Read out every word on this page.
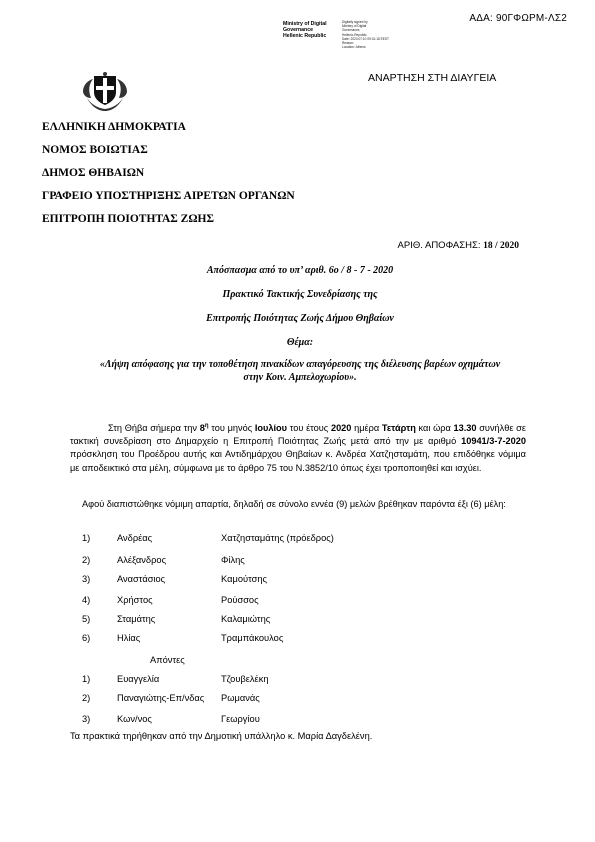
ΑΔΑ: 90ΓΦΩΡΜ-ΛΣ2
Ministry of Digital
Governance
Hellenic Republic
Digitally signed by
Ministry of Digital
Governance,
Hellenic Republic
Date: 2020.07.10 09:31:18 EEST
Reason:
Location: Athens
ΑΝΑΡΤΗΣΗ ΣΤΗ ΔΙΑΥΓΕΙΑ
ΕΛΛΗΝΙΚΗ ΔΗΜΟΚΡΑΤΙΑ
ΝΟΜΟΣ ΒΟΙΩΤΙΑΣ
ΔΗΜΟΣ ΘΗΒΑΙΩΝ
ΓΡΑΦΕΙΟ ΥΠΟΣΤΗΡΙΞΗΣ ΑΙΡΕΤΩΝ ΟΡΓΑΝΩΝ
ΕΠΙΤΡΟΠΗ ΠΟΙΟΤΗΤΑΣ ΖΩΗΣ
ΑΡΙΘ. ΑΠΟΦΑΣΗΣ: 18 / 2020
Απόσπασμα από το υπ’ αριθ. 6ο / 8 - 7 - 2020
Πρακτικό Τακτικής Συνεδρίασης της
Επιτροπής Ποιότητας Ζωής Δήμου Θηβαίων
Θέμα:
«Λήψη απόφασης για την τοποθέτηση πινακίδων απαγόρευσης της διέλευσης βαρέων οχημάτων
στην Κοιν. Αμπελοχωρίου».
Στη Θήβα σήμερα την $8^\eta$ του μηνός Ιουλίου του έτους 2020 ημέρα Τετάρτη και ώρα 13.30 συνήλθε σε τακτική συνεδρίαση στο Δημαρχείο η Επιτροπή Ποιότητας Ζωής μετά από την με αριθμό 10941/3-7-2020 πρόσκληση του Προέδρου αυτής και Αντιδημάρχου Θηβαίων κ. Ανδρέα Χατζησταμάτη, που επιδόθηκε νόμιμα με αποδεικτικό στα μέλη, σύμφωνα με το άρθρο 75 του Ν.3852/10 όπως έχει τροποποιηθεί και ισχύει.
Αφού διαπιστώθηκε νόμιμη απαρτία, δηλαδή σε σύνολο εννέα (9) μελών βρέθηκαν παρόντα έξι (6) μέλη:
1)	Ανδρέας	Χατζησταμάτης (πρόεδρος)
2)	Αλέξανδρος	Φίλης
3)	Αναστάσιος	Καμούτσης
4)	Χρήστος	Ρούσσος
5)	Σταμάτης	Καλαμιώτης
6)	Ηλίας	Τραμπάκουλος
Απόντες
1)	Ευαγγελία	Τζουβελέκη
2)	Παναγιώτης-Επ/νδας Ρωμανάς
3)	Κων/νος	Γεωργίου
Τα πρακτικά τηρήθηκαν από την Δημοτική υπάλληλο κ. Μαρία Δαγδελένη.
